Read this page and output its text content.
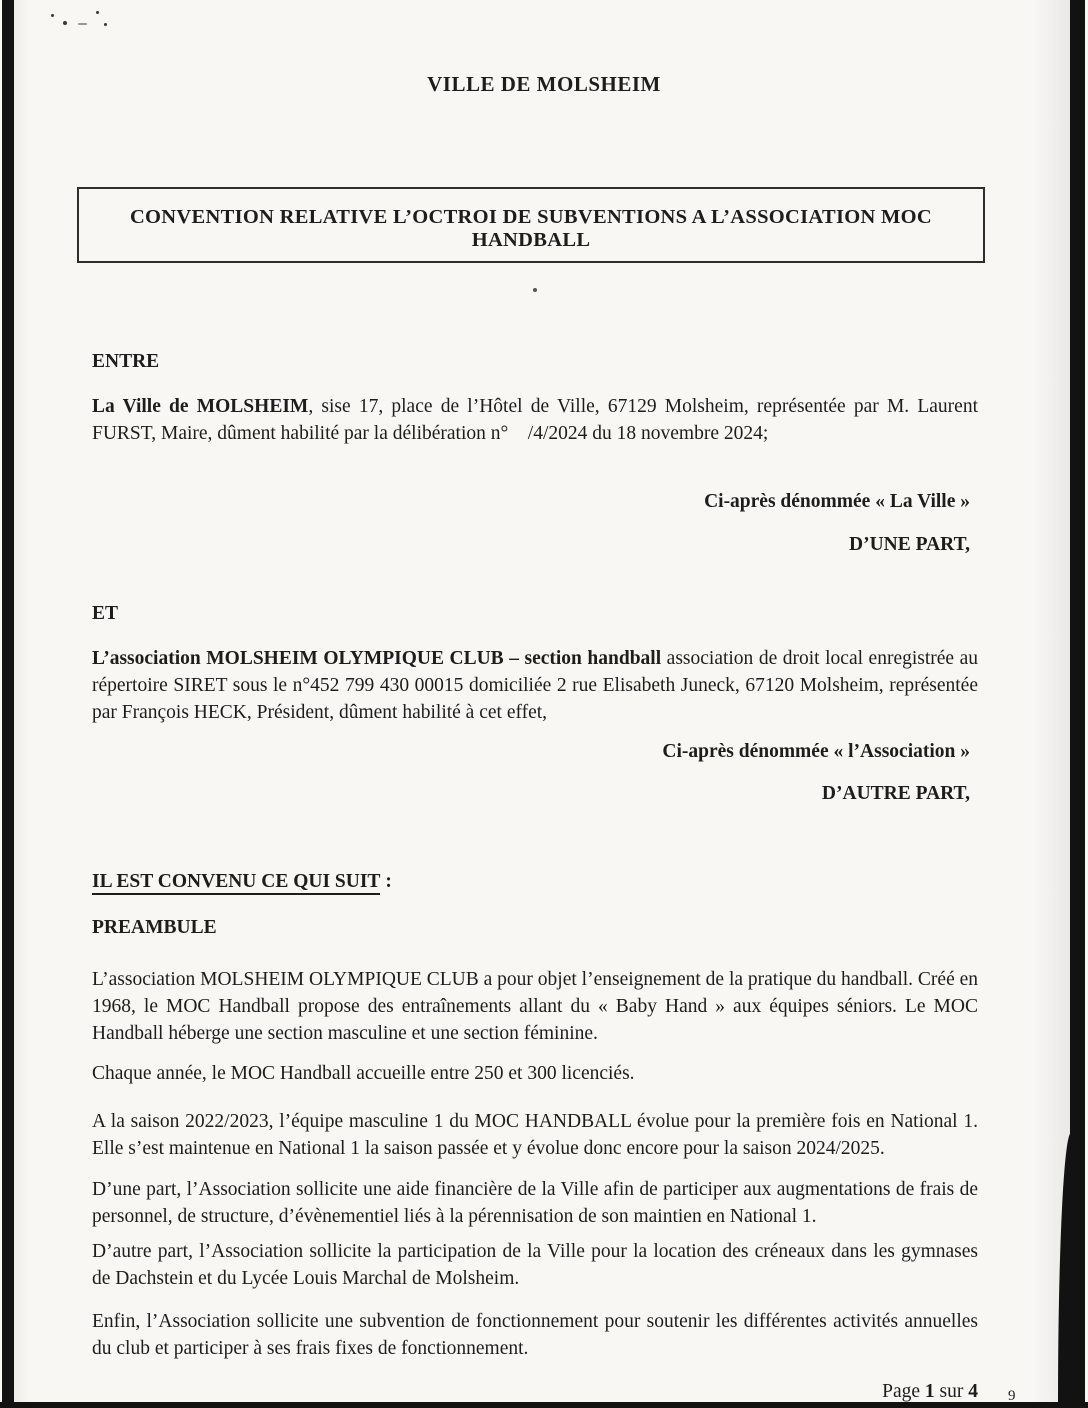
VILLE DE MOLSHEIM
CONVENTION RELATIVE L’OCTROI DE SUBVENTIONS A L’ASSOCIATION MOC HANDBALL

ENTRE

La Ville de MOLSHEIM, sise 17, place de l’Hôtel de Ville, 67129 Molsheim, représentée par M. Laurent FURST, Maire, dûment habilité par la délibération n°    /4/2024 du 18 novembre 2024;

Ci-après dénommée « La Ville »

D’UNE PART,

ET

L’association MOLSHEIM OLYMPIQUE CLUB – section handball association de droit local enregistrée au répertoire SIRET sous le n°452 799 430 00015 domiciliée 2 rue Elisabeth Juneck, 67120 Molsheim, représentée par François HECK, Président, dûment habilité à cet effet,

Ci-après dénommée « l’Association »

D’AUTRE PART,

IL EST CONVENU CE QUI SUIT :

PREAMBULE

L’association MOLSHEIM OLYMPIQUE CLUB a pour objet l’enseignement de la pratique du handball. Créé en 1968, le MOC Handball propose des entraînements allant du « Baby Hand » aux équipes séniors. Le MOC Handball héberge une section masculine et une section féminine.

Chaque année, le MOC Handball accueille entre 250 et 300 licenciés.

A la saison 2022/2023, l’équipe masculine 1 du MOC HANDBALL évolue pour la première fois en National 1. Elle s’est maintenue en National 1 la saison passée et y évolue donc encore pour la saison 2024/2025.

D’une part, l’Association sollicite une aide financière de la Ville afin de participer aux augmentations de frais de personnel, de structure, d’évènementiel liés à la pérennisation de son maintien en National 1.

D’autre part, l’Association sollicite la participation de la Ville pour la location des créneaux dans les gymnases de Dachstein et du Lycée Louis Marchal de Molsheim.

Enfin, l’Association sollicite une subvention de fonctionnement pour soutenir les différentes activités annuelles du club et participer à ses frais fixes de fonctionnement.

Page 1 sur 4 9
